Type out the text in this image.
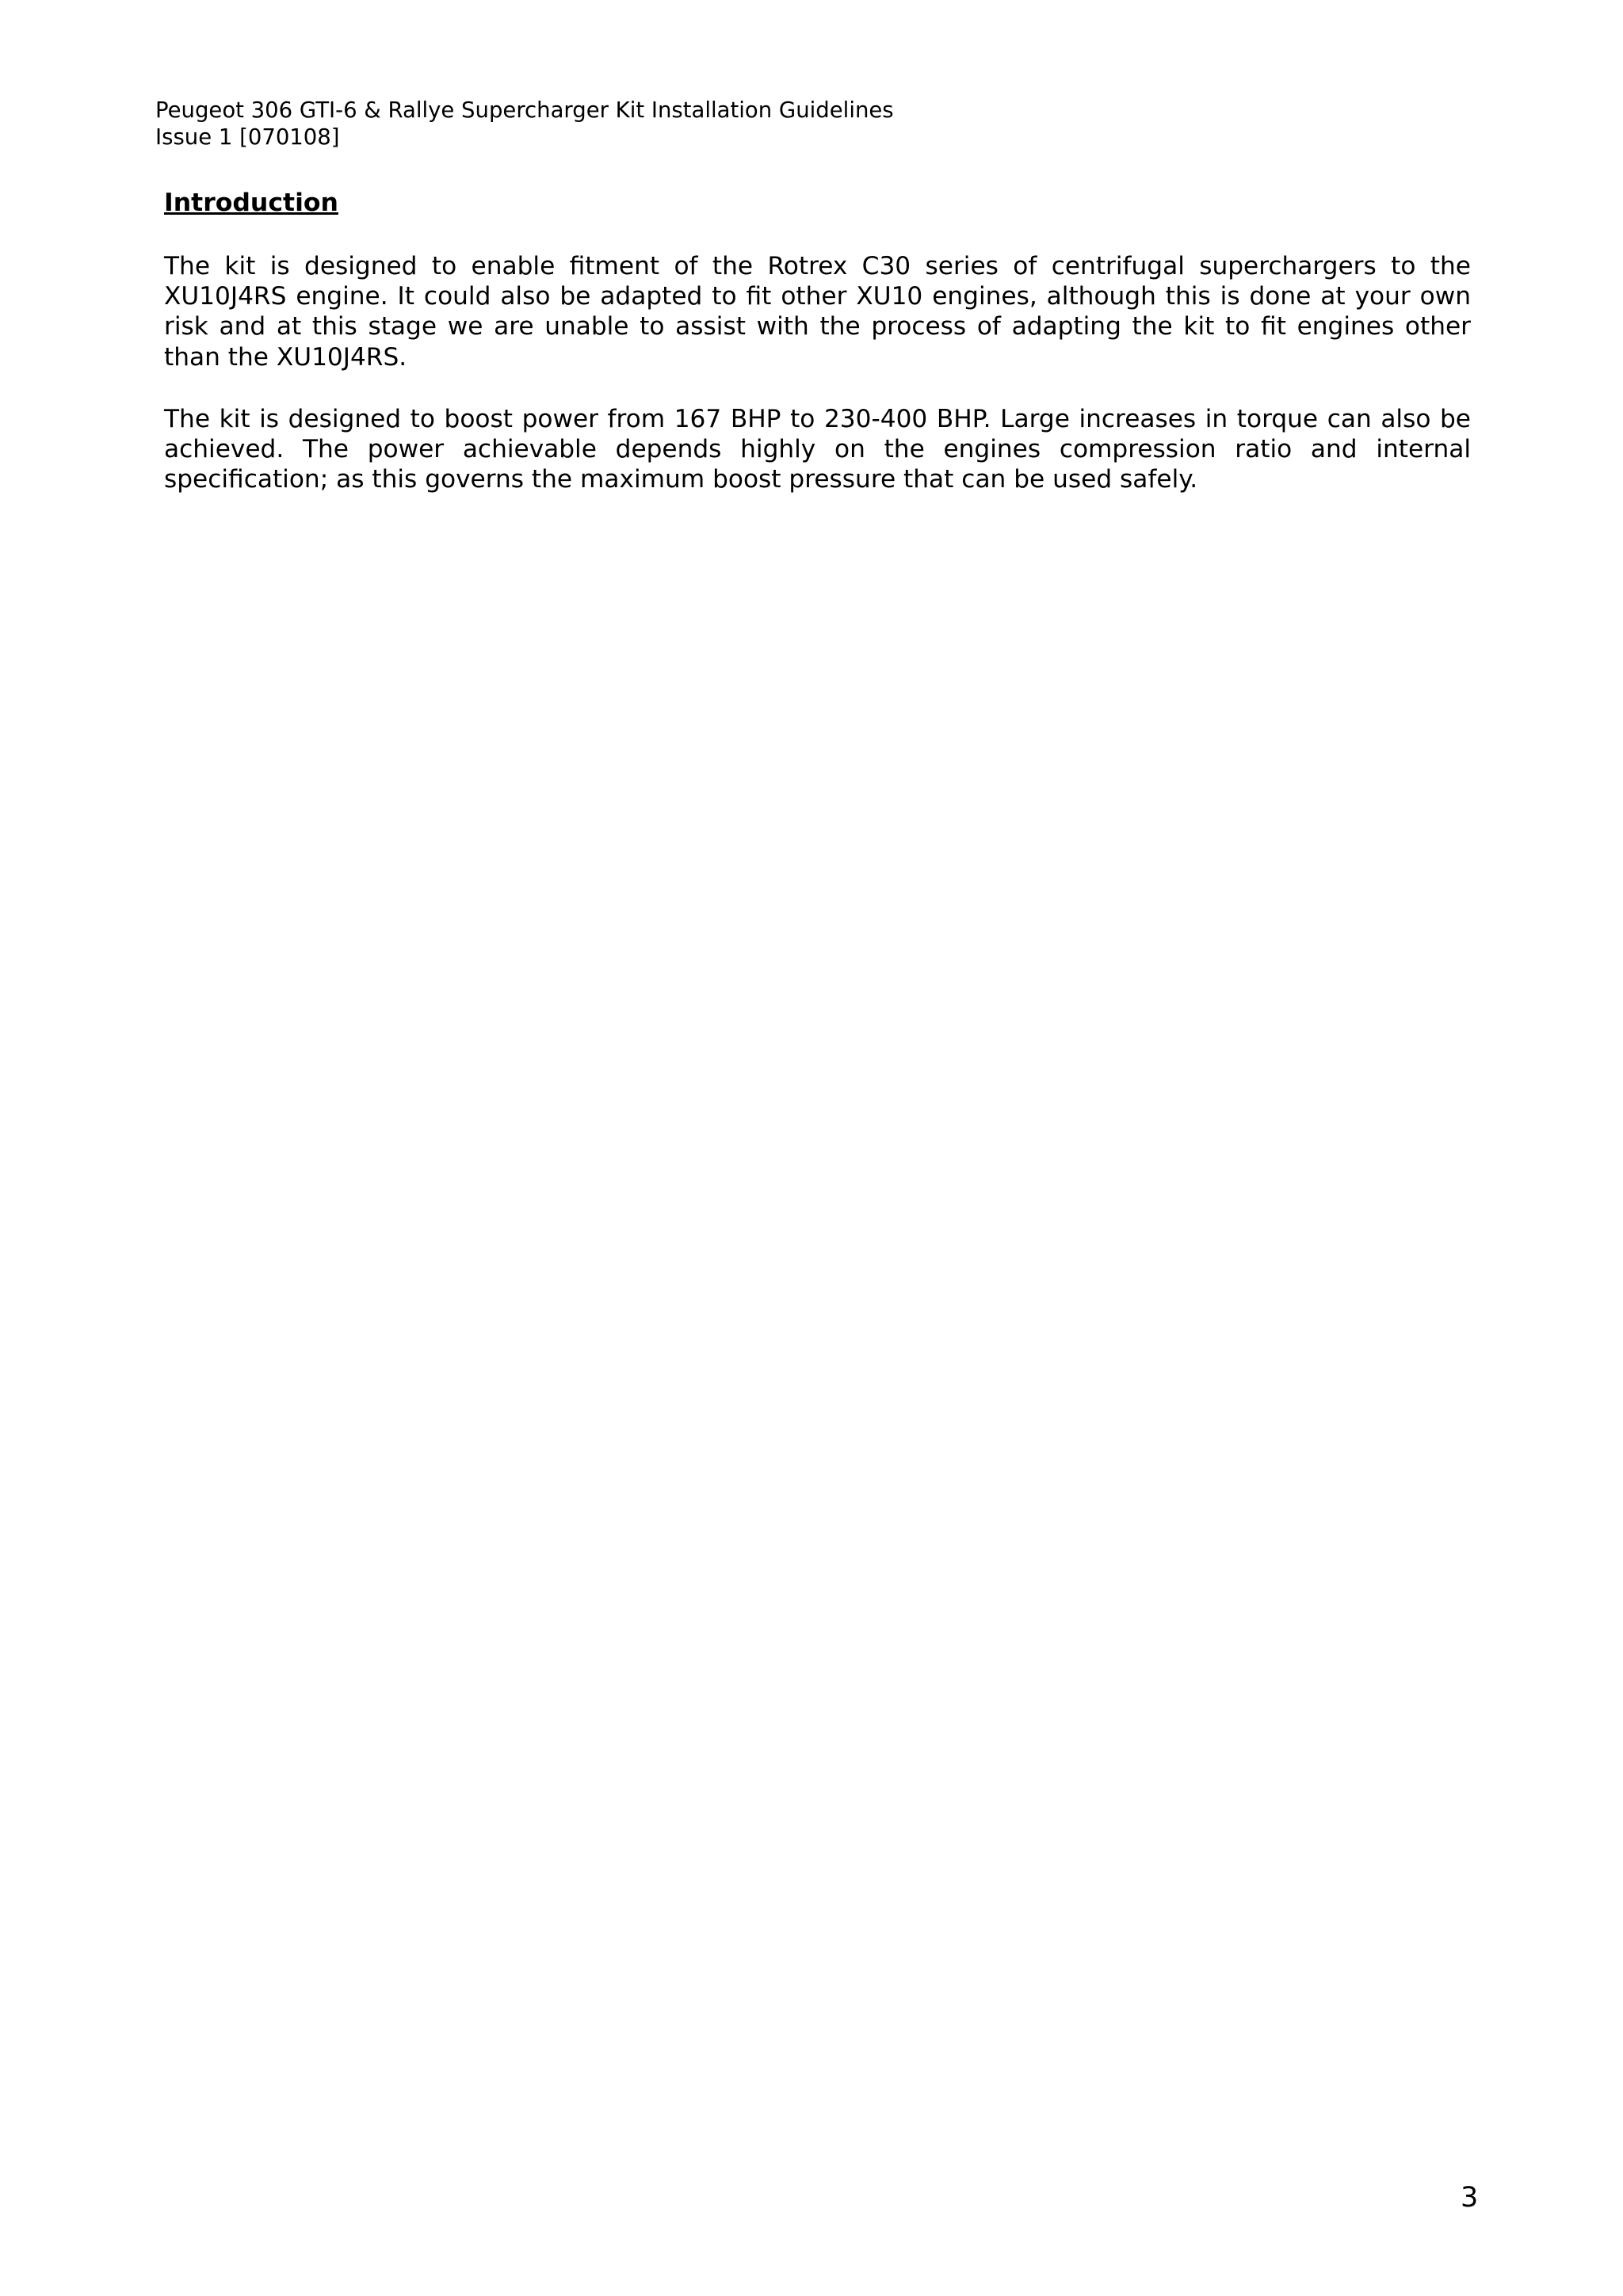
Peugeot 306 GTI-6 & Rallye Supercharger Kit Installation Guidelines
Issue 1 [070108]
Introduction

The kit is designed to enable fitment of the Rotrex C30 series of centrifugal superchargers to the XU10J4RS engine. It could also be adapted to fit other XU10 engines, although this is done at your own risk and at this stage we are unable to assist with the process of adapting the kit to fit engines other than the XU10J4RS.

The kit is designed to boost power from 167 BHP to 230-400 BHP. Large increases in torque can also be achieved. The power achievable depends highly on the engines compression ratio and internal specification; as this governs the maximum boost pressure that can be used safely.

3
